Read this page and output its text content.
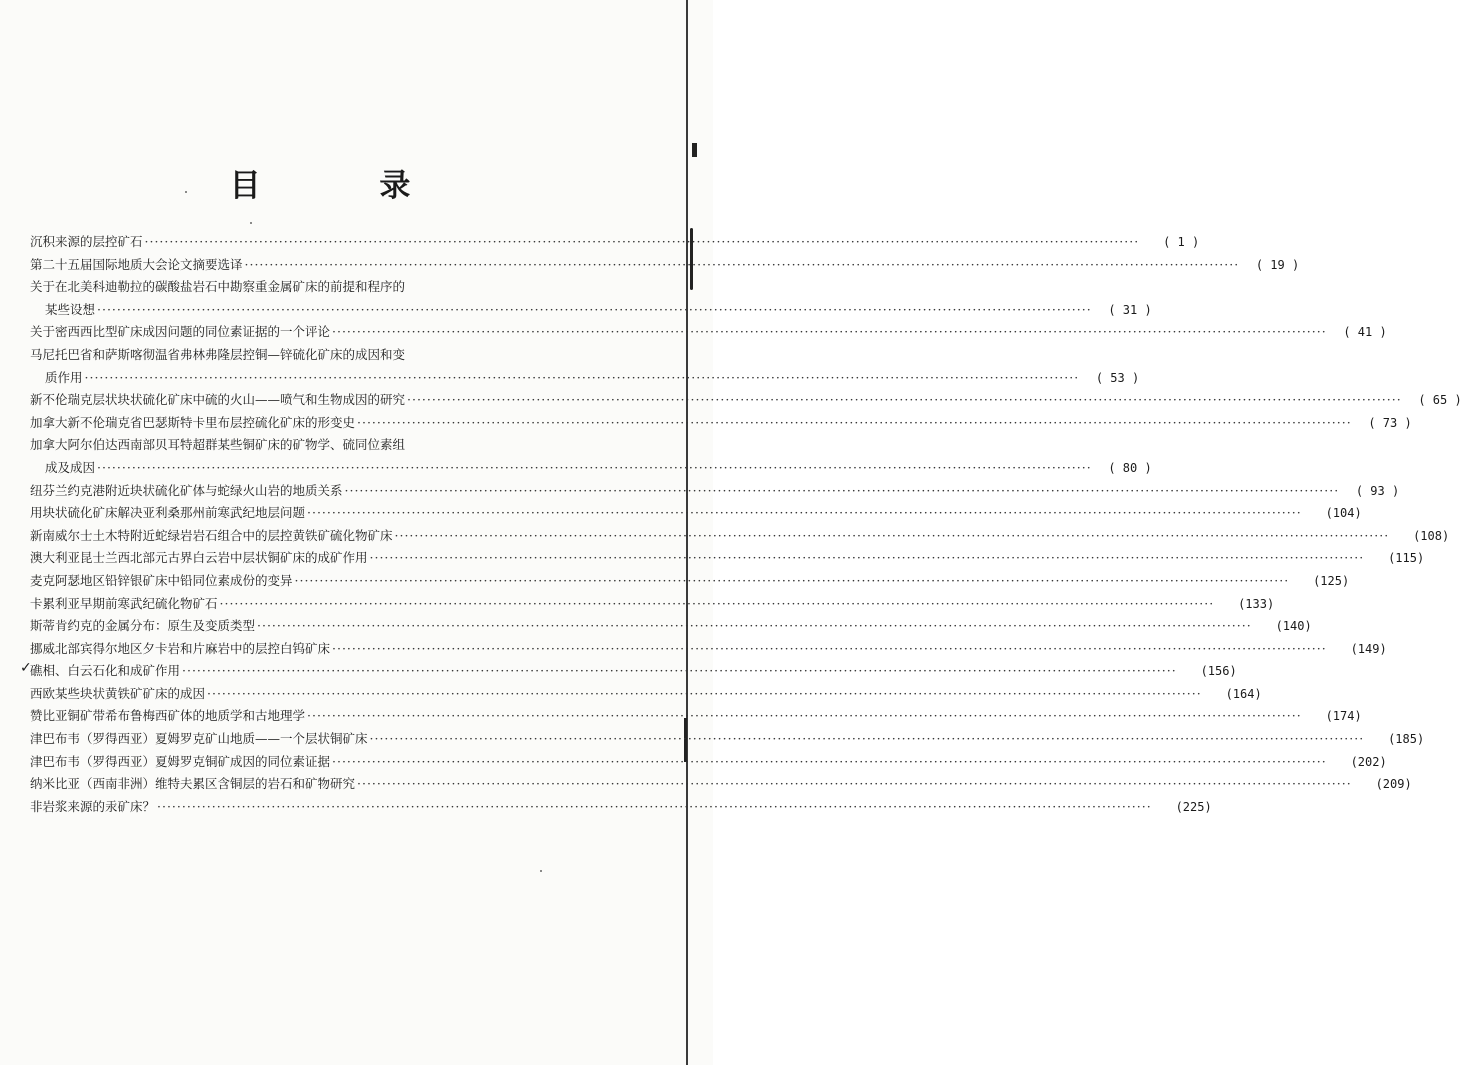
目 录
沉积来源的层控矿石 ········································································································································································································	( 1 )
第二十五届国际地质大会论文摘要选译 ········································································································································································································	( 19 )
关于在北美科迪勒拉的碳酸盐岩石中勘察重金属矿床的前提和程序的
某些设想 ········································································································································································································	( 31 )
关于密西西比型矿床成因问题的同位素证据的一个评论 ········································································································································································································	( 41 )
马尼托巴省和萨斯喀彻温省弗林弗隆层控铜—锌硫化矿床的成因和变
质作用 ········································································································································································································	( 53 )
新不伦瑞克层状块状硫化矿床中硫的火山——喷气和生物成因的研究 ········································································································································································································	( 65 )
加拿大新不伦瑞克省巴瑟斯特卡里布层控硫化矿床的形变史 ········································································································································································································	( 73 )
加拿大阿尔伯达西南部贝耳特超群某些铜矿床的矿物学、硫同位素组
成及成因 ········································································································································································································	( 80 )
纽芬兰约克港附近块状硫化矿体与蛇绿火山岩的地质关系 ········································································································································································································	( 93 )
用块状硫化矿床解决亚利桑那州前寒武纪地层问题 ········································································································································································································	(104)
新南威尔士土木特附近蛇绿岩岩石组合中的层控黄铁矿硫化物矿床 ········································································································································································································	(108)
澳大利亚昆士兰西北部元古界白云岩中层状铜矿床的成矿作用 ········································································································································································································	(115)
麦克阿瑟地区铅锌银矿床中铅同位素成份的变异 ········································································································································································································	(125)
卡累利亚早期前寒武纪硫化物矿石 ········································································································································································································	(133)
斯蒂肯约克的金属分布：原生及变质类型 ········································································································································································································	(140)
挪威北部宾得尔地区夕卡岩和片麻岩中的层控白钨矿床 ········································································································································································································	(149)
✓
礁相、白云石化和成矿作用 ········································································································································································································	(156)
西欧某些块状黄铁矿矿床的成因 ········································································································································································································	(164)
赞比亚铜矿带希布鲁梅西矿体的地质学和古地理学 ········································································································································································································	(174)
津巴布韦（罗得西亚）夏姆罗克矿山地质——一个层状铜矿床 ········································································································································································································	(185)
津巴布韦（罗得西亚）夏姆罗克铜矿成因的同位素证据 ········································································································································································································	(202)
纳米比亚（西南非洲）维特夫累区含铜层的岩石和矿物研究 ········································································································································································································	(209)
非岩浆来源的汞矿床？ ········································································································································································································	(225)
